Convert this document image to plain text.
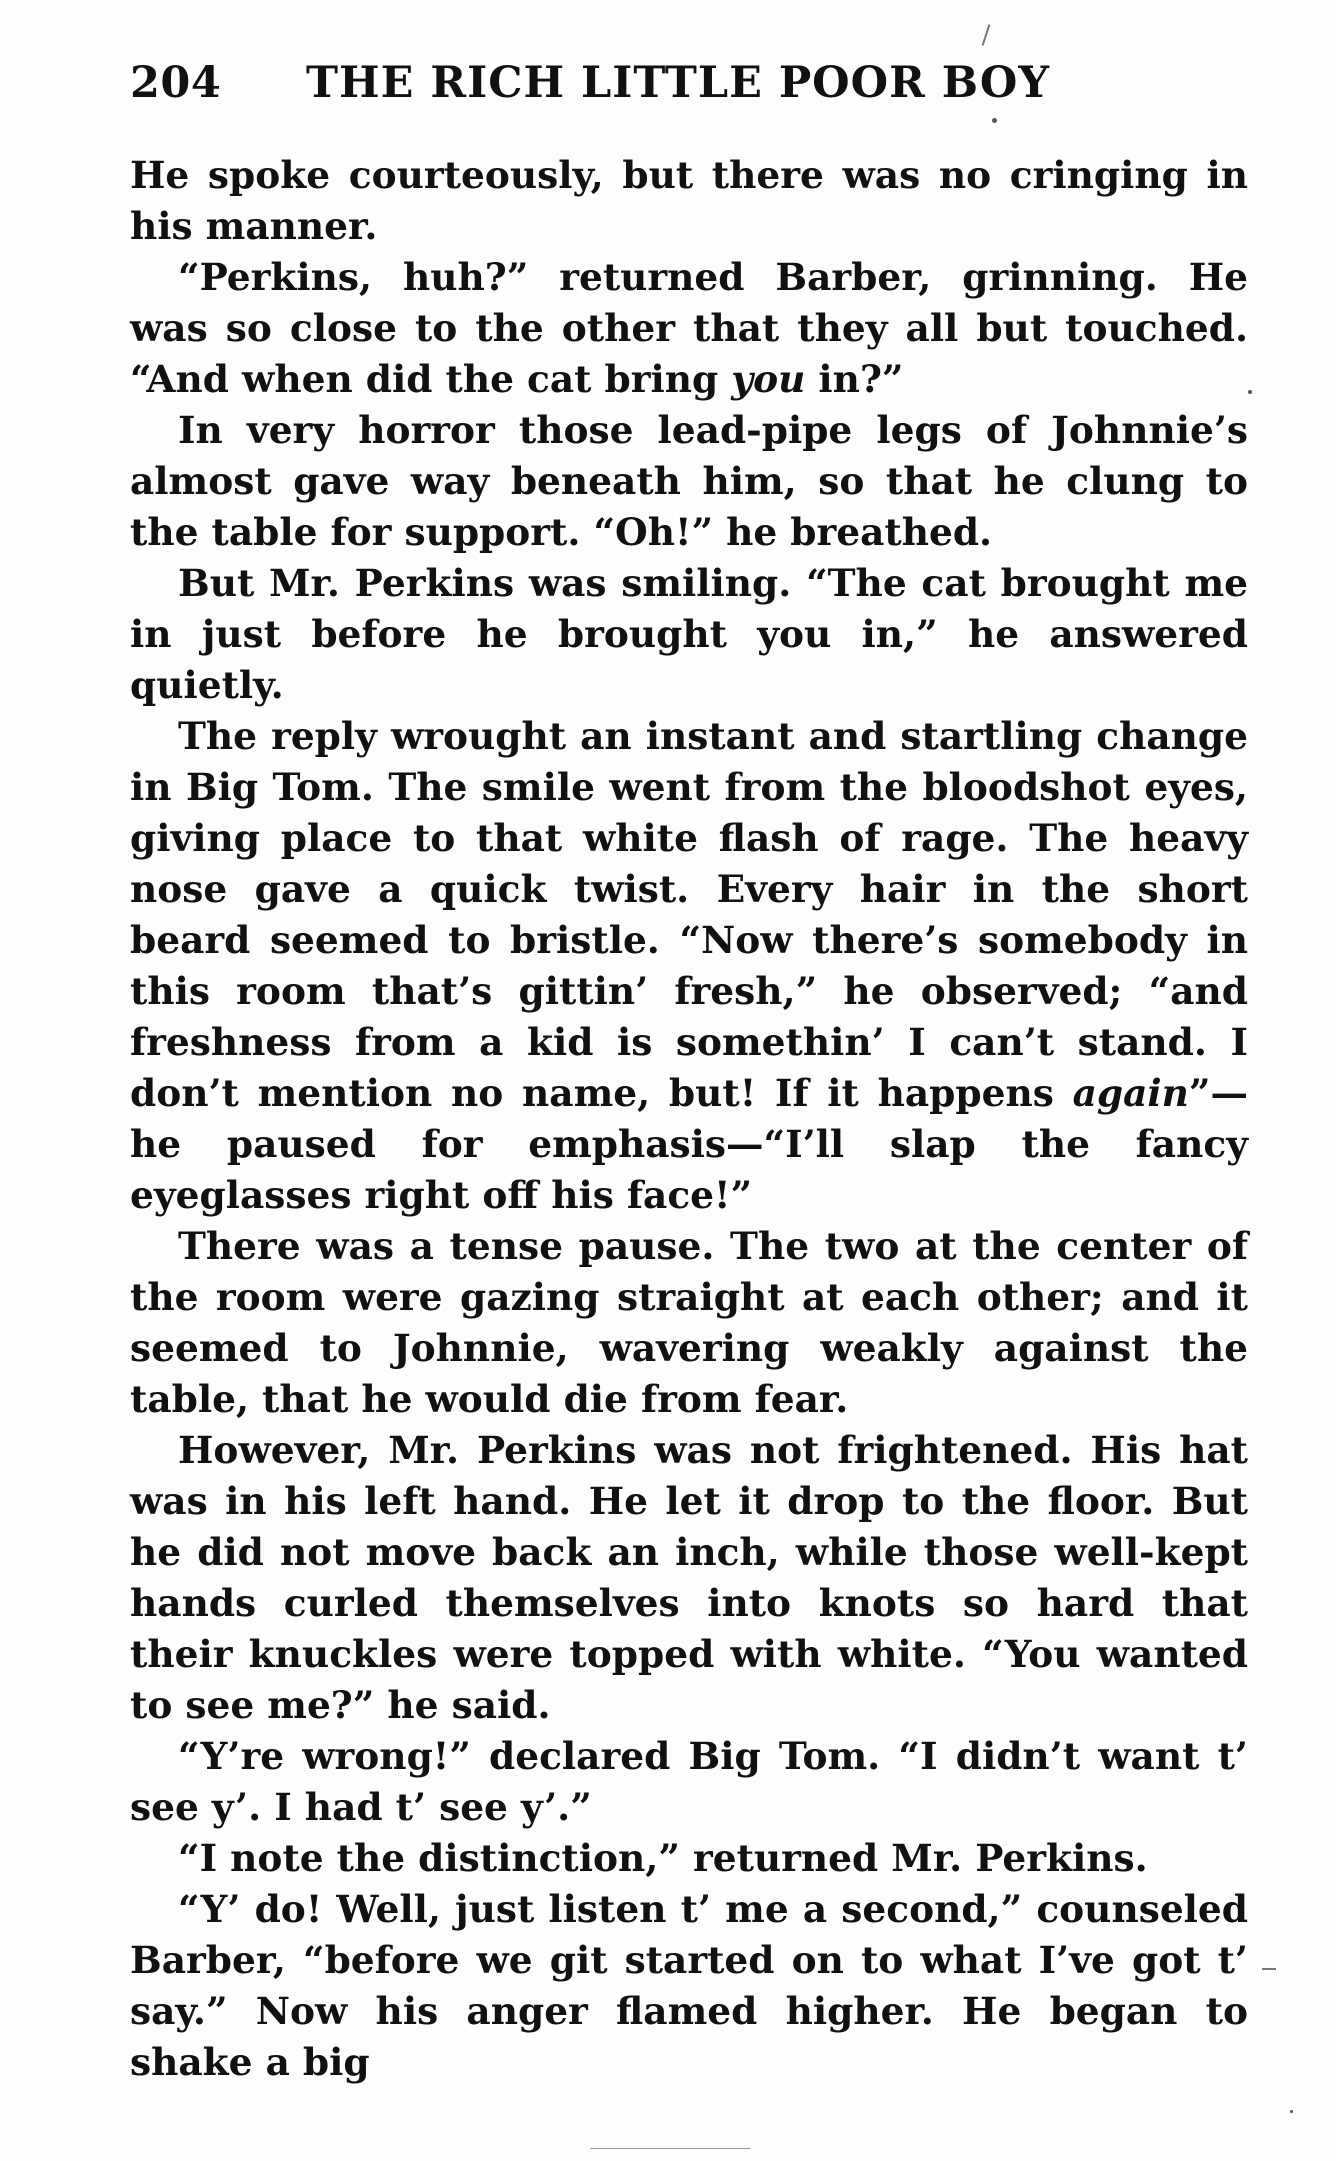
204 THE RICH LITTLE POOR BOY

He spoke courteously, but there was no cringing in his manner.

“Perkins, huh?” returned Barber, grinning. He was so close to the other that they all but touched. “And when did the cat bring you in?”

In very horror those lead-pipe legs of Johnnie’s almost gave way beneath him, so that he clung to the table for support. “Oh!” he breathed.

But Mr. Perkins was smiling. “The cat brought me in just before he brought you in,” he answered quietly.

The reply wrought an instant and startling change in Big Tom. The smile went from the bloodshot eyes, giving place to that white flash of rage. The heavy nose gave a quick twist. Every hair in the short beard seemed to bristle. “Now there’s somebody in this room that’s gittin’ fresh,” he observed; “and freshness from a kid is somethin’ I can’t stand. I don’t mention no name, but! If it happens again”—he paused for emphasis—“I’ll slap the fancy eyeglasses right off his face!”

There was a tense pause. The two at the center of the room were gazing straight at each other; and it seemed to Johnnie, wavering weakly against the table, that he would die from fear.

However, Mr. Perkins was not frightened. His hat was in his left hand. He let it drop to the floor. But he did not move back an inch, while those well-kept hands curled themselves into knots so hard that their knuckles were topped with white. “You wanted to see me?” he said.

“Y’re wrong!” declared Big Tom. “I didn’t want t’ see y’. I had t’ see y’.”

“I note the distinction,” returned Mr. Perkins.

“Y’ do! Well, just listen t’ me a second,” counseled Barber, “before we git started on to what I’ve got t’ say.” Now his anger flamed higher. He began to shake a big
